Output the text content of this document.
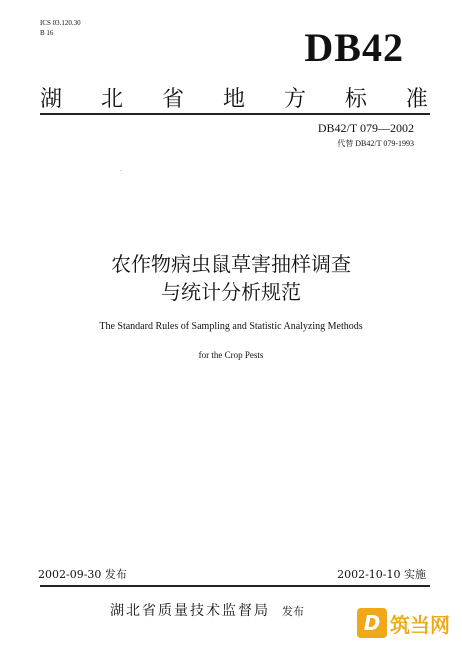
ICS 03.120.30
B 16	DB42
湖 北 省 地 方 标 准
DB42/T 079—2002
代替 DB42/T 079-1993
·
农作物病虫鼠草害抽样调查
与统计分析规范
The Standard Rules of Sampling and Statistic Analyzing Methods
for the Crop Pests
2002-09-30 发布	2002-10-10 实施
湖北省质量技术监督局 发布	D 筑当网
